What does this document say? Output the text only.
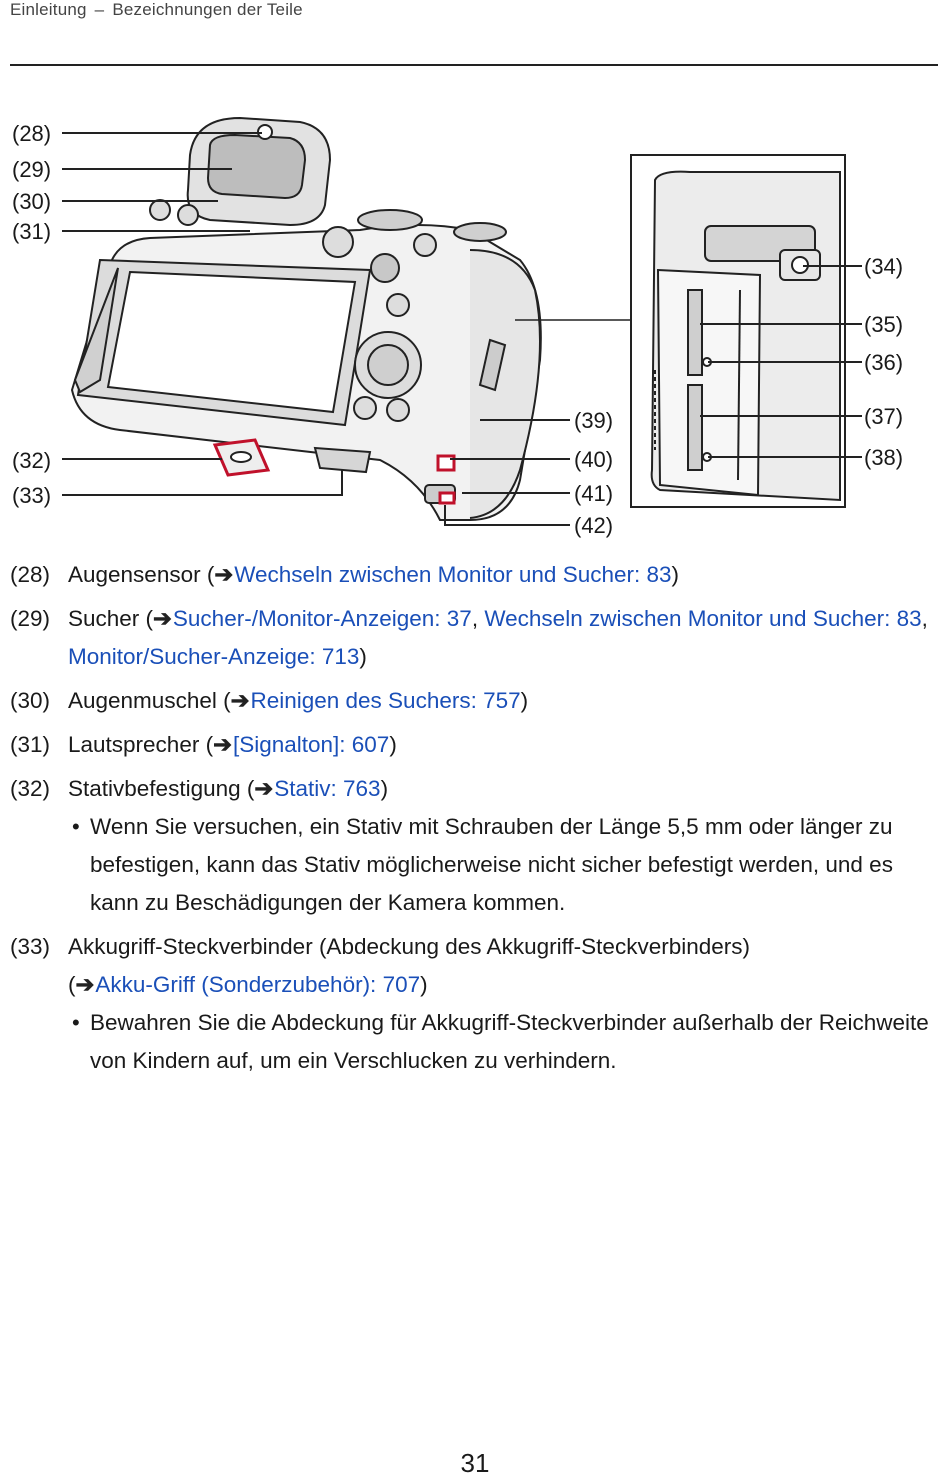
Einleitung – Bezeichnungen der Teile
(28)
(29)
(30)
(31)
(32)
(33)
(39)
(40)
(41)
(42)
(34)
(35)
(36)
(37)
(38)
(28) Augensensor (➔Wechseln zwischen Monitor und Sucher: 83)
(29) Sucher (➔Sucher-/Monitor-Anzeigen: 37, Wechseln zwischen Monitor und Sucher: 83, Monitor/Sucher-Anzeige: 713)
(30) Augenmuschel (➔Reinigen des Suchers: 757)
(31) Lautsprecher (➔[Signalton]: 607)
(32) Stativbefestigung (➔Stativ: 763)
• Wenn Sie versuchen, ein Stativ mit Schrauben der Länge 5,5 mm oder länger zu befestigen, kann das Stativ möglicherweise nicht sicher befestigt werden, und es kann zu Beschädigungen der Kamera kommen.
(33) Akkugriff-Steckverbinder (Abdeckung des Akkugriff-Steckverbinders)
(➔Akku-Griff (Sonderzubehör): 707)
• Bewahren Sie die Abdeckung für Akkugriff-Steckverbinder außerhalb der Reichweite von Kindern auf, um ein Verschlucken zu verhindern.
31
